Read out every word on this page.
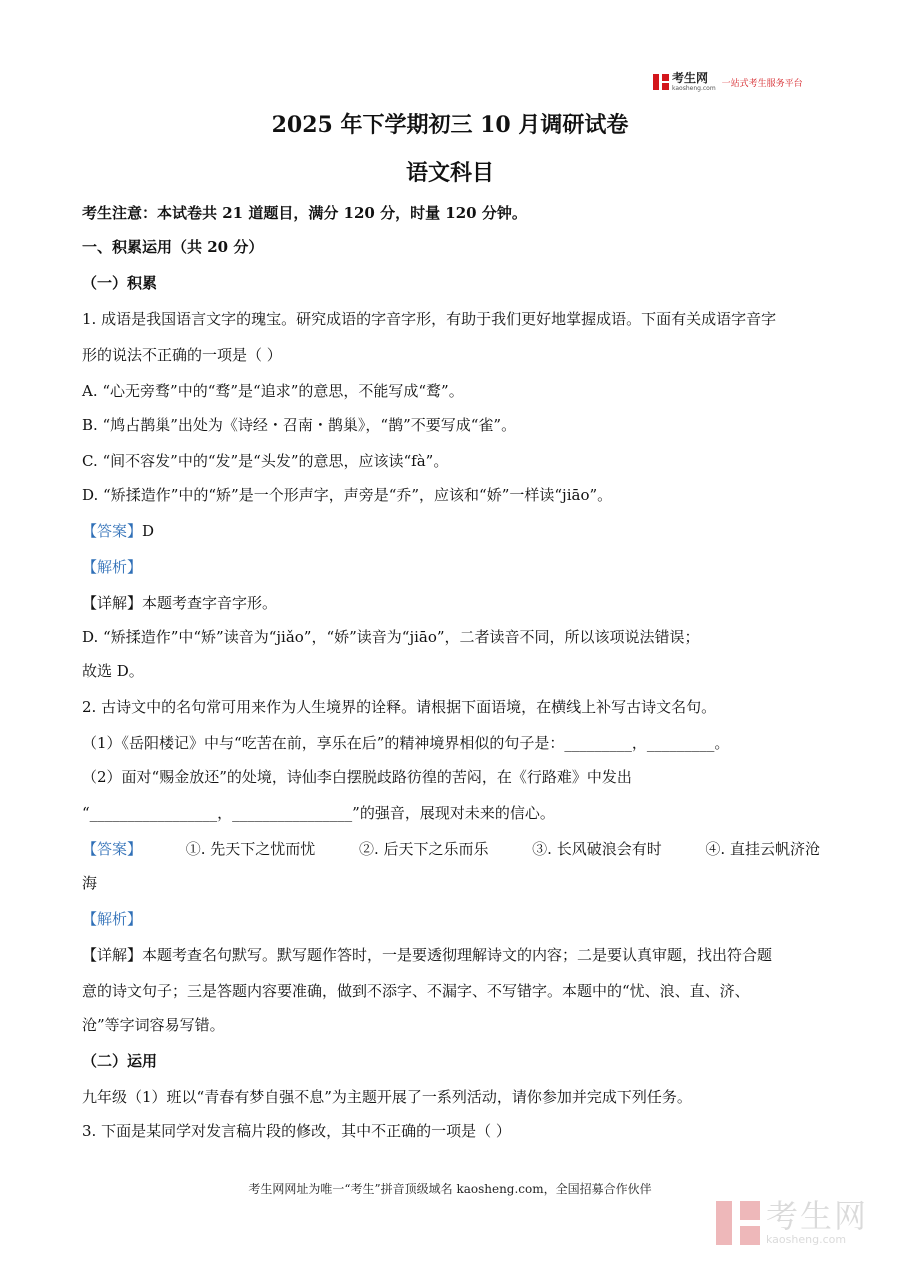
考生网
kaosheng.com 一站式考生服务平台
2025 年下学期初三 10 月调研试卷
语文科目
考生注意：本试卷共 21 道题目，满分 120 分，时量 120 分钟。
一、积累运用（共 20 分）
（一）积累
1. 成语是我国语言文字的瑰宝。研究成语的字音字形，有助于我们更好地掌握成语。下面有关成语字音字
形的说法不正确的一项是（ ）
A. “心无旁骛”中的“骛”是“追求”的意思，不能写成“鹜”。
B. “鸠占鹊巢”出处为《诗经・召南・鹊巢》，“鹊”不要写成“雀”。
C. “间不容发”中的“发”是“头发”的意思，应该读“fà”。
D. “矫揉造作”中的“矫”是一个形声字，声旁是“乔”，应该和“娇”一样读“jiāo”。
【答案】D
【解析】
【详解】本题考查字音字形。
D. “矫揉造作”中“矫”读音为“jiǎo”，“娇”读音为“jiāo”，二者读音不同，所以该项说法错误；
故选 D。
2. 古诗文中的名句常可用来作为人生境界的诠释。请根据下面语境，在横线上补写古诗文名句。
（1）《岳阳楼记》中与“吃苦在前，享乐在后”的精神境界相似的句子是：_________，_________。
（2）面对“赐金放还”的处境，诗仙李白摆脱歧路彷徨的苦闷，在《行路难》中发出
“_________________，________________”的强音，展现对未来的信心。
【答案】	①. 先天下之忧而忧	②. 后天下之乐而乐	③. 长风破浪会有时	④. 直挂云帆济沧
海
【解析】
【详解】本题考查名句默写。默写题作答时，一是要透彻理解诗文的内容；二是要认真审题，找出符合题
意的诗文句子；三是答题内容要准确，做到不添字、不漏字、不写错字。本题中的“忧、浪、直、济、
沧”等字词容易写错。
（二）运用
九年级（1）班以“青春有梦自强不息”为主题开展了一系列活动，请你参加并完成下列任务。
3. 下面是某同学对发言稿片段的修改，其中不正确的一项是（ ）
考生网网址为唯一“考生”拼音顶级域名 kaosheng.com，全国招募合作伙伴
考生网
kaosheng.com
